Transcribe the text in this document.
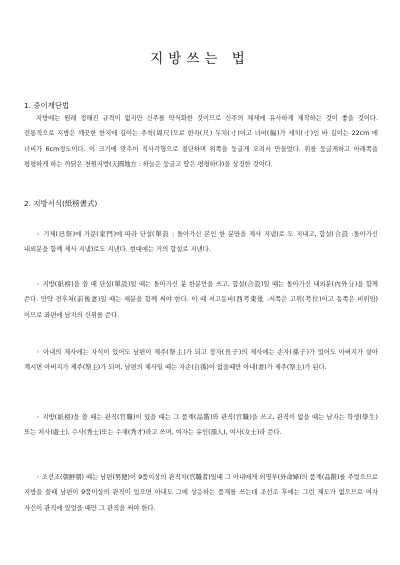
지방쓰는 법
1. 중이재단법
지방에는 원래 정해진 규격이 없지만 신주를 약식화한 것이므로 신주의 체제에 유사하게 제작하는 것이 좋을 것이다. 전통적으로 지방은 깨끗한 한지에 길이는 주척(周尺)으로 한자(尺) 두치(寸)이고 너비(幅)가 세치(寸)인 바 길이는 22cm 에 너비가 6cm정도이다. 이 크기에 맞추어 직사각형으로 절단하며 위쪽을 둥글게 오려서 만들었다. 위를 둥글게하고 아래쪽을 평평하게 하는 까닭은 천원지방(天圓地方 : 하늘은 둥글고 땅은 평평하다)을 상징한 것이다.
2. 지방서식(紙榜書式)
◦ 기제(忌祭)에 가문(家門)에 따라 단설(單設 : 돌아가신 본인 한 분만을 제사 지냄)로 도 지내고, 합설(合設 :돌아가신 내외분을 함께 제사 지냄)로도 지낸다. 현대에는 거의 합설로 지낸다.
◦ 지방(紙榜)을 쓸 때 단설(單設)일 때는 돌아가신 분 한분만을 쓰고, 합설(合設)일 때는 돌아가신 내외분(內外分)을 함께 쓴다. 만약 전후처(前後妻)일 때는 세분을 함께 써야 한다. 이 때 서고동비(西考東妣 :서쪽은 고위(考位)이고 동쪽은 비위임)이므로 좌편에 남자의 신위를 쓴다.
◦ 아내의 제사에는 자식이 있어도 남편이 제주(祭主)가 되고 장자(長子)의 제사에는 손자(孫子)가 있어도 아버지가 살아 계시면 아버지가 제주(祭主)가 되며, 남편의 제사일 때는 자손(自孫)이 없을때만 아내(妻)가 제주(祭主)가 된다.
◦ 지방(紙榜)을 쓸 때는 관직(官職)이 있을 때는 그 품계(品階)와 관직(官職)을 쓰고, 관직이 없을 때는 남자는 학생(學生) 또는 처사(處士), 수사(秀士)또는 수재(秀才)라고 쓰며, 여자는 유인(孺人), 여사(女士)라 쓴다.
◦ 조선조(朝鮮朝) 때는 남편(男便)이 9품이상의 관직자(官職者)일때 그 아내에게 외명부(外命婦)의 품계(品階)를 주었으므로 지방을 쓸때 남편이 9품이상의 관직이 있으면 아내도 그에 상응하는 품계를 쓰는데 조선조 후에는 그런 제도가 없으므로 여자 자신이 관직에 있었을 때만 그 관직을 써야 한다.
